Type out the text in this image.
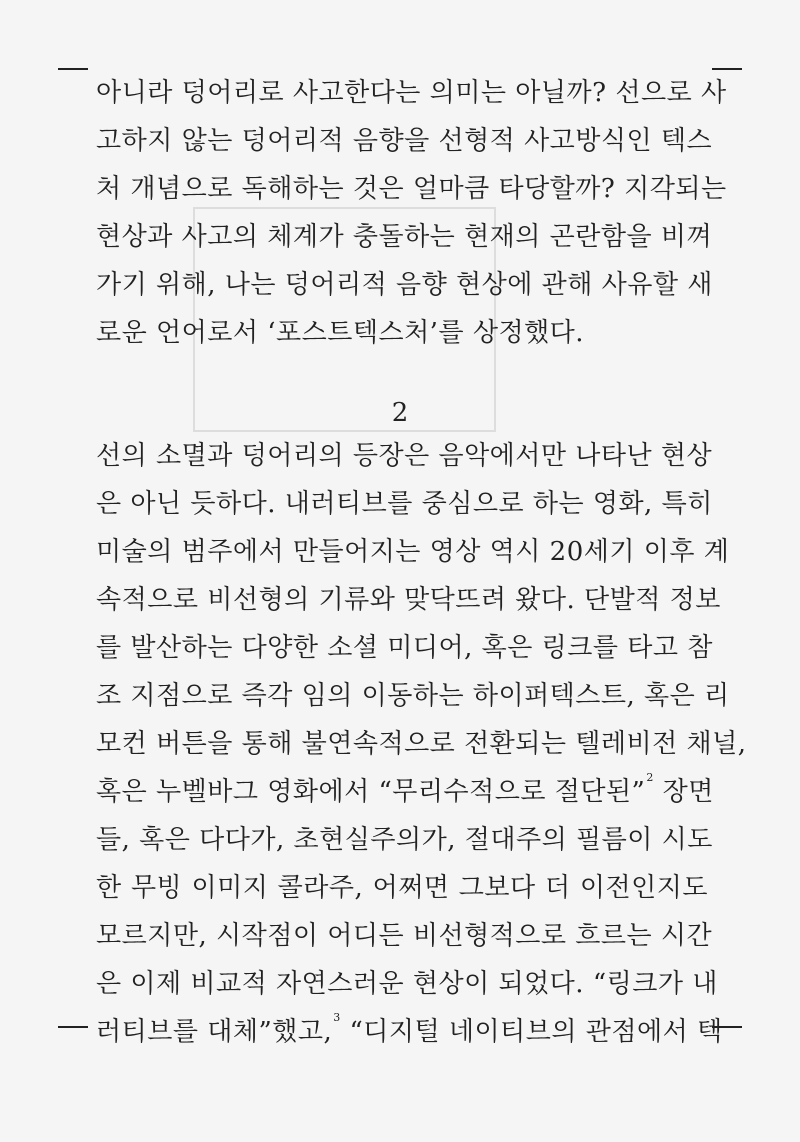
아니라 덩어리로 사고한다는 의미는 아닐까? 선으로 사
고하지 않는 덩어리적 음향을 선형적 사고방식인 텍스
처 개념으로 독해하는 것은 얼마큼 타당할까? 지각되는
현상과 사고의 체계가 충돌하는 현재의 곤란함을 비껴
가기 위해, 나는 덩어리적 음향 현상에 관해 사유할 새
로운 언어로서 ‘포스트텍스처’를 상정했다.
2
선의 소멸과 덩어리의 등장은 음악에서만 나타난 현상
은 아닌 듯하다. 내러티브를 중심으로 하는 영화, 특히
미술의 범주에서 만들어지는 영상 역시 20세기 이후 계
속적으로 비선형의 기류와 맞닥뜨려 왔다. 단발적 정보
를 발산하는 다양한 소셜 미디어, 혹은 링크를 타고 참
조 지점으로 즉각 임의 이동하는 하이퍼텍스트, 혹은 리
모컨 버튼을 통해 불연속적으로 전환되는 텔레비전 채널,
혹은 누벨바그 영화에서 “무리수적으로 절단된”$^2$ 장면
들, 혹은 다다가, 초현실주의가, 절대주의 필름이 시도
한 무빙 이미지 콜라주, 어쩌면 그보다 더 이전인지도
모르지만, 시작점이 어디든 비선형적으로 흐르는 시간
은 이제 비교적 자연스러운 현상이 되었다. “링크가 내
러티브를 대체”했고,$^3$ “디지털 네이티브의 관점에서 텍
